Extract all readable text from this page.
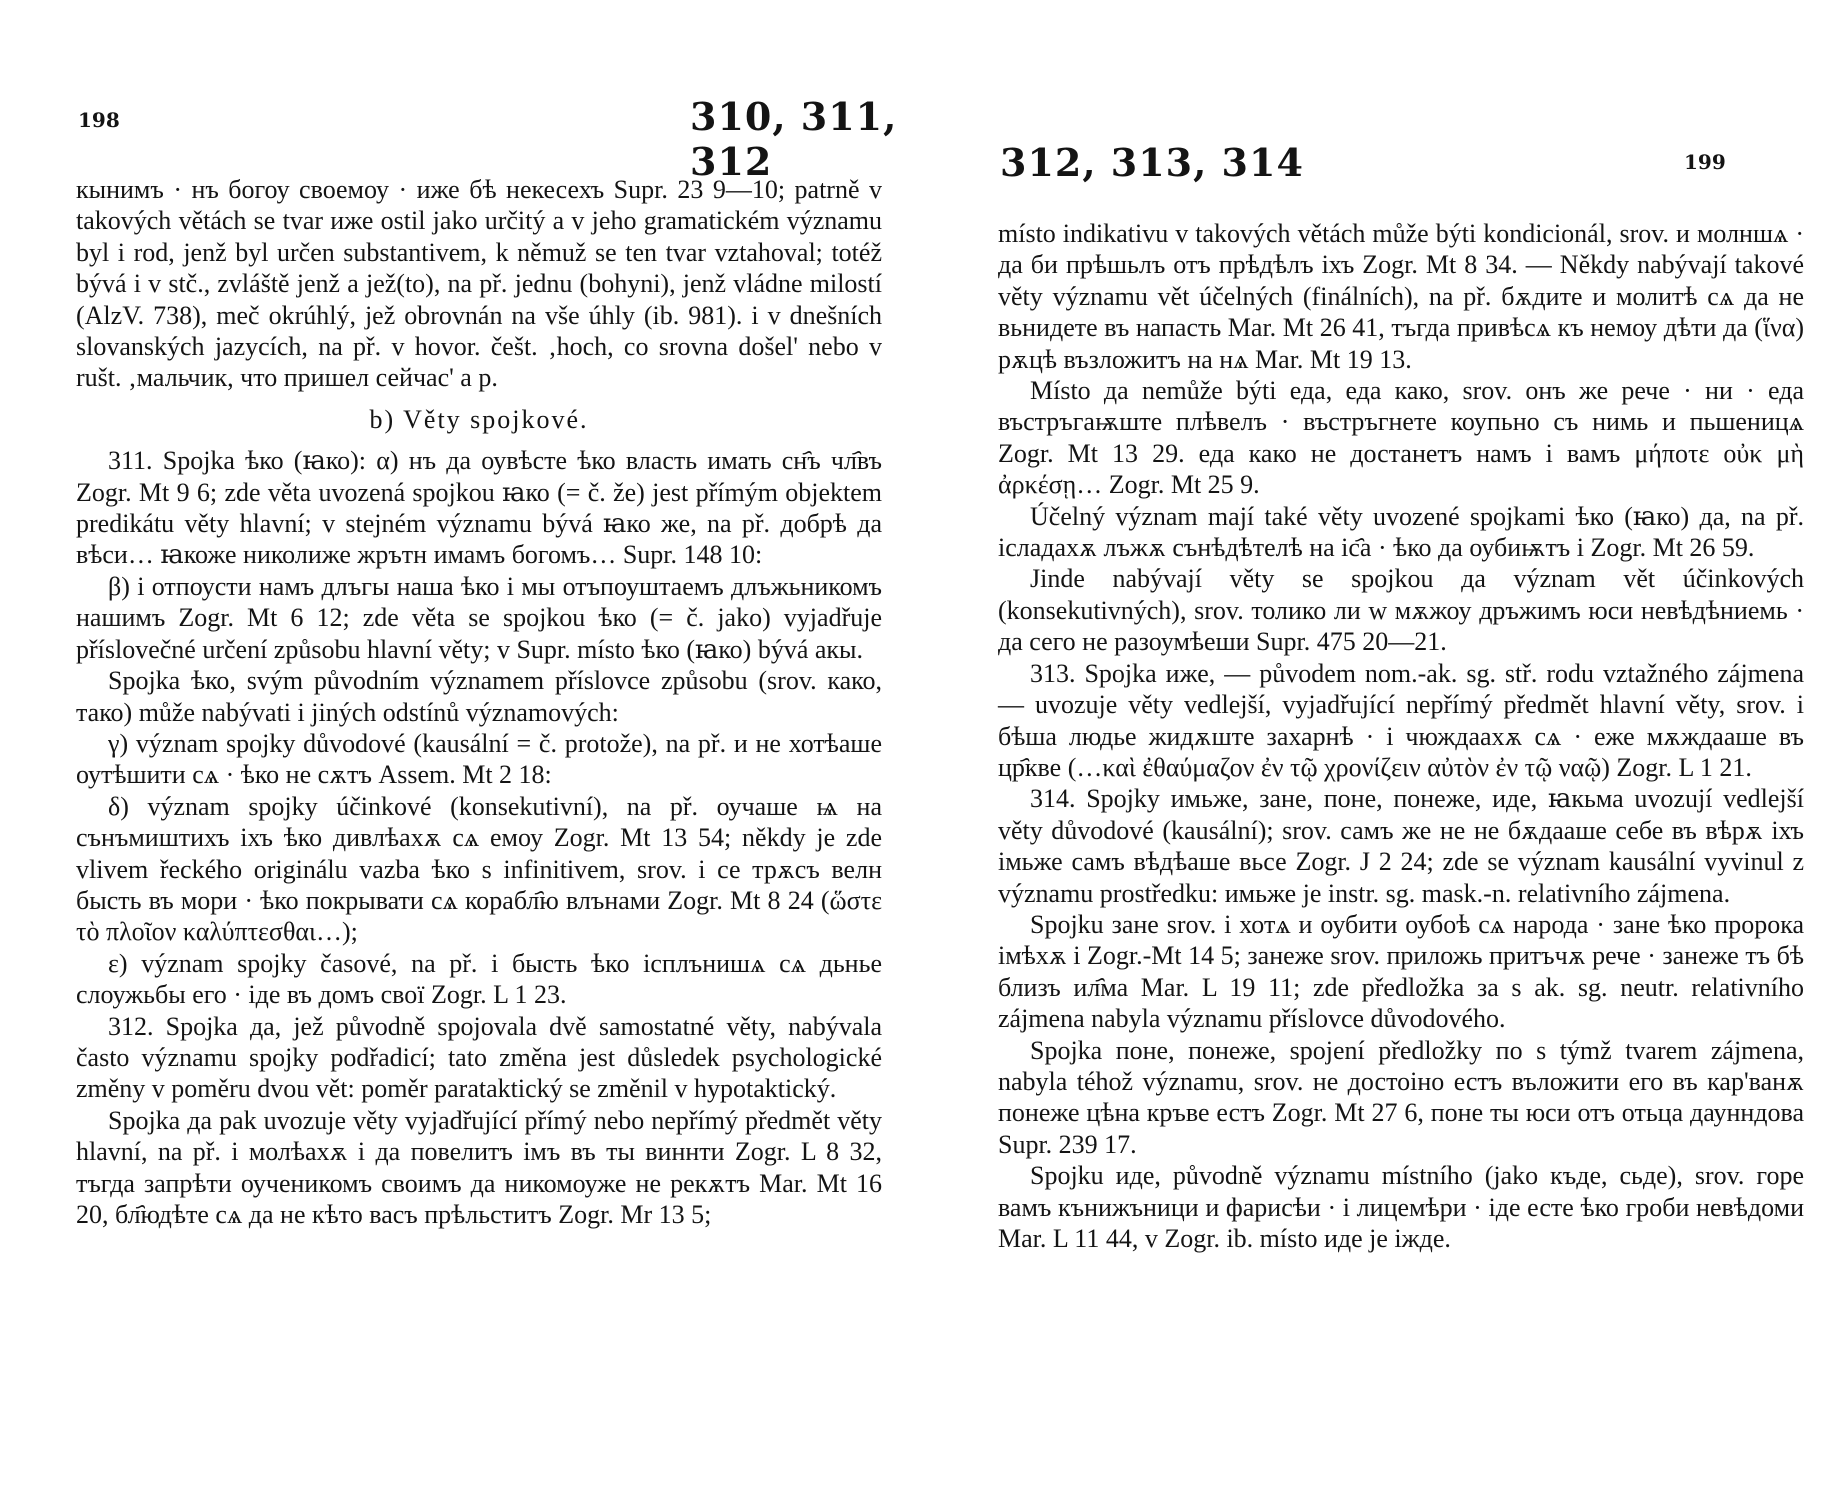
198	310, 311, 312

кынимъ · нъ богоу своемоу · иже бѣ некесехъ Supr. 23 9—10; patrně v takových větách se tvar иже ostil jako určitý a v jeho gramatickém významu byl i rod, jenž byl určen substantivem, k němuž se ten tvar vztahoval; totéž bývá i v stč., zvláště jenž a jež(to), na př. jednu (bohyni), jenž vládne milostí (AlzV. 738), meč okrúhlý, jež obrovnán na vše úhly (ib. 981). i v dnešních slovanských jazycích, na př. v hovor. češt. ‚hoch, co srovna došel' nebo v rušt. ‚мальчик, что пришел сейчас' a p.

b) Věty spojkové.

311. Spojka ѣко (ꙗко): α) нъ да оувѣсте ѣко власть имать сн҄ъ чл҄въ Zogr. Mt 9 6; zde věta uvozená spojkou ꙗко (= č. že) jest přímým objektem predikátu věty hlavní; v stejném významu bývá ꙗко же, na př. добрѣ да вѣси… ꙗкоже николиже жрътн имамъ богомъ… Supr. 148 10:

β) і отпоусти намъ длъгы наша ѣко і мы отъпоуштаемъ длъжьникомъ нашимъ Zogr. Mt 6 12; zde věta se spojkou ѣко (= č. jako) vyjadřuje příslovečné určení způsobu hlavní věty; v Supr. místo ѣко (ꙗко) bývá акы.

Spojka ѣко, svým původním významem příslovce způsobu (srov. како, тако) může nabývati i jiných odstínů významových:

γ) význam spojky důvodové (kausální = č. protože), na př. и не хотѣаше оутѣшити сѧ · ѣко не сѫтъ Assem. Mt 2 18:

δ) význam spojky účinkové (konsekutivní), na př. оучаше ѩ на сънъмиштихъ іхъ ѣко дивлѣахѫ сѧ емоу Zogr. Mt 13 54; někdy je zde vlivem řeckého originálu vazba ѣко s infinitivem, srov. і се трѫсъ велн бысть въ мори · ѣко покрывати сѧ корабл҄ю влънами Zogr. Mt 8 24 (ὥστε τὸ πλοῖον καλύπτεσθαι…);

ε) význam spojky časové, na př. і бысть ѣко ісплънишѧ сѧ дьнье слоужьбы его · іде въ домъ свої Zogr. L 1 23.

312. Spojka да, jež původně spojovala dvě samostatné věty, nabývala často významu spojky podřadicí; tato změna jest důsledek psychologické změny v poměru dvou vět: poměr parataktický se změnil v hypotaktický.

Spojka да pak uvozuje věty vyjadřující přímý nebo nepřímý předmět věty hlavní, na př. і молѣахѫ і да повелитъ імъ въ ты виннти Zogr. L 8 32, тъгда запрѣти оученикомъ своимъ да никомоуже не рекѫтъ Mar. Mt 16 20, бл҄юдѣте сѧ да не кѣто васъ прѣльститъ Zogr. Mr 13 5;

312, 313, 314	199

místo indikativu v takových větách může býti kondicionál, srov. и молншѧ · да би прѣшьлъ отъ прѣдѣлъ іхъ Zogr. Mt 8 34. — Někdy nabývají takové věty významu vět účelných (finálních), na př. бѫдите и молитѣ сѧ да не вьнидете въ напасть Mar. Mt 26 41, тъгда привѣсѧ къ немоу дѣти да (ἵνα) рѫцѣ възложитъ на нѧ Mar. Mt 19 13.

Místo да nemůže býti еда, еда како, srov. онъ же рече · ни · еда въстръгаѭште плѣвелъ · въстръгнете коупьно съ нимь и пьшеницѧ Zogr. Mt 13 29. еда како не достанетъ намъ і вамъ μήποτε οὐκ μὴ ἀρκέσῃ… Zogr. Mt 25 9.

Účelný význam mají také věty uvozené spojkami ѣко (ꙗко) да, na př. ісладахѫ лъжѫ сънѣдѣтелѣ на іс҄а · ѣко да оубиѭтъ і Zogr. Mt 26 59.

Jinde nabývají věty se spojkou да význam vět účinkových (konsekutivných), srov. толико ли w мѫжоу дръжимъ юси невѣдѣниемь · да сего не разоумѣеши Supr. 475 20—21.

313. Spojka иже, — původem nom.-ak. sg. stř. rodu vztažného zájmena — uvozuje věty vedlejší, vyjadřující nepřímý předmět hlavní věty, srov. і бѣша людье жидѫште захарнѣ · і чюждаахѫ сѧ · еже мѫждааше въ цр҄кве (…καὶ ἐθαύμαζον ἐν τῷ χρονίζειν αὐτὸν ἐν τῷ ναῷ) Zogr. L 1 21.

314. Spojky имьже, зане, поне, понеже, иде, ꙗкьма uvozují vedlejší věty důvodové (kausální); srov. самъ же не не бѫдааше себе въ вѣрѫ іхъ імьже самъ вѣдѣаше вьсе Zogr. J 2 24; zde se význam kausální vyvinul z významu prostředku: имьже je instr. sg. mask.-n. relativního zájmena.

Spojku зане srov. і хотѧ и оубити оубоѣ сѧ народа · зане ѣко пророка імѣхѫ і Zogr.-Mt 14 5; занеже srov. приложь притъчѫ рече · занеже тъ бѣ близъ ил҄ма Mar. L 19 11; zde předložka за s ak. sg. neutr. relativního zájmena nabyla významu příslovce důvodového.

Spojka поне, понеже, spojení předložky по s týmž tvarem zájmena, nabyla téhož významu, srov. не достоіно естъ въложити его въ кар'ванѫ понеже цѣна кръве естъ Zogr. Mt 27 6, поне ты юси отъ отьца даунндова Supr. 239 17.

Spojku иде, původně významu místního (jako къде, сьде), srov. горе вамъ кънижъници и фарисѣи · і лицемѣри · іде есте ѣко гроби невѣдоми Mar. L 11 44, v Zogr. ib. místo иде je іжде.
